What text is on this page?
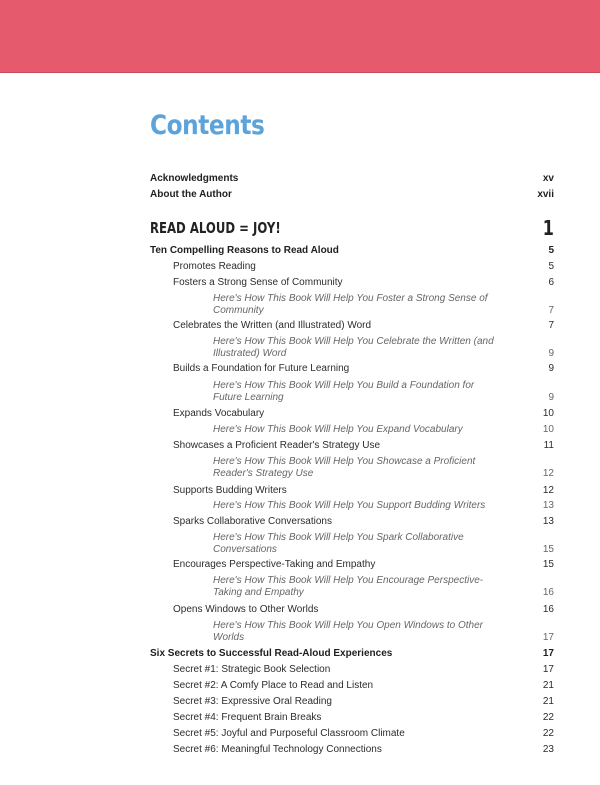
Contents
Acknowledgments	xv
About the Author	xvii
READ ALOUD = JOY!	1
Ten Compelling Reasons to Read Aloud	5
Promotes Reading	5
Fosters a Strong Sense of Community	6
Here's How This Book Will Help You Foster a Strong Sense of Community	7
Celebrates the Written (and Illustrated) Word	7
Here's How This Book Will Help You Celebrate the Written (and Illustrated) Word	9
Builds a Foundation for Future Learning	9
Here's How This Book Will Help You Build a Foundation for Future Learning	9
Expands Vocabulary	10
Here's How This Book Will Help You Expand Vocabulary	10
Showcases a Proficient Reader's Strategy Use	11
Here's How This Book Will Help You Showcase a Proficient Reader's Strategy Use	12
Supports Budding Writers	12
Here's How This Book Will Help You Support Budding Writers	13
Sparks Collaborative Conversations	13
Here's How This Book Will Help You Spark Collaborative Conversations	15
Encourages Perspective-Taking and Empathy	15
Here's How This Book Will Help You Encourage Perspective-Taking and Empathy	16
Opens Windows to Other Worlds	16
Here's How This Book Will Help You Open Windows to Other Worlds	17
Six Secrets to Successful Read-Aloud Experiences	17
Secret #1: Strategic Book Selection	17
Secret #2: A Comfy Place to Read and Listen	21
Secret #3: Expressive Oral Reading	21
Secret #4: Frequent Brain Breaks	22
Secret #5: Joyful and Purposeful Classroom Climate	22
Secret #6: Meaningful Technology Connections	23
